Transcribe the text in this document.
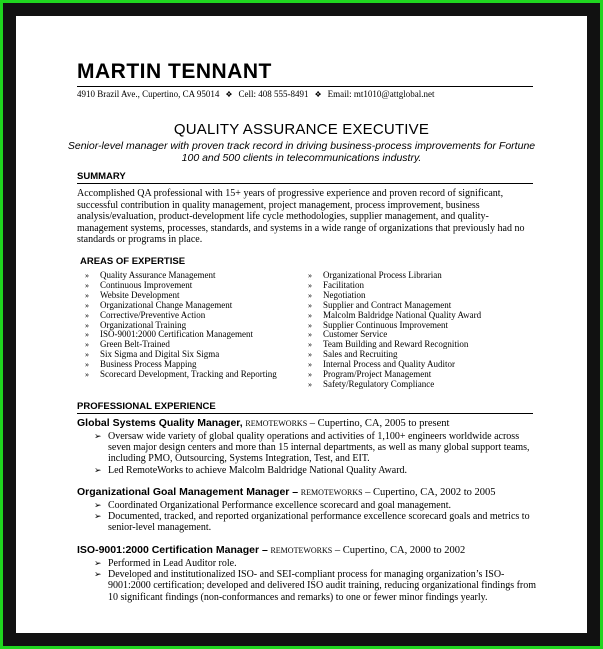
MARTIN TENNANT
4910 Brazil Ave., Cupertino, CA 95014 ❖ Cell: 408 555-8491 ❖ Email: mt1010@attglobal.net
QUALITY ASSURANCE EXECUTIVE
Senior-level manager with proven track record in driving business-process improvements for Fortune 100 and 500 clients in telecommunications industry.
SUMMARY
Accomplished QA professional with 15+ years of progressive experience and proven record of significant, successful contribution in quality management, project management, process improvement, business analysis/evaluation, product-development life cycle methodologies, supplier management, and quality-management systems, processes, standards, and systems in a wide range of organizations that previously had no standards or programs in place.
AREAS OF EXPERTISE
» Quality Assurance Management
» Continuous Improvement
» Website Development
» Organizational Change Management
» Corrective/Preventive Action
» Organizational Training
» ISO-9001:2000 Certification Management
» Green Belt-Trained
» Six Sigma and Digital Six Sigma
» Business Process Mapping
» Scorecard Development, Tracking and Reporting
» Organizational Process Librarian
» Facilitation
» Negotiation
» Supplier and Contract Management
» Malcolm Baldridge National Quality Award
» Supplier Continuous Improvement
» Customer Service
» Team Building and Reward Recognition
» Sales and Recruiting
» Internal Process and Quality Auditor
» Program/Project Management
» Safety/Regulatory Compliance
PROFESSIONAL EXPERIENCE
Global Systems Quality Manager, REMOTEWORKS – Cupertino, CA, 2005 to present
➢ Oversaw wide variety of global quality operations and activities of 1,100+ engineers worldwide across seven major design centers and more than 15 internal departments, as well as many global support teams, including PMO, Outsourcing, Systems Integration, Test, and EIT.
➢ Led RemoteWorks to achieve Malcolm Baldridge National Quality Award.
Organizational Goal Management Manager – REMOTEWORKS – Cupertino, CA, 2002 to 2005
➢ Coordinated Organizational Performance excellence scorecard and goal management.
➢ Documented, tracked, and reported organizational performance excellence scorecard goals and metrics to senior-level management.
ISO-9001:2000 Certification Manager – REMOTEWORKS – Cupertino, CA, 2000 to 2002
➢ Performed in Lead Auditor role.
➢ Developed and institutionalized ISO- and SEI-compliant process for managing organization’s ISO-9001:2000 certification; developed and delivered ISO audit training, reducing organizational findings from 10 significant findings (non-conformances and remarks) to one or fewer minor findings yearly.
